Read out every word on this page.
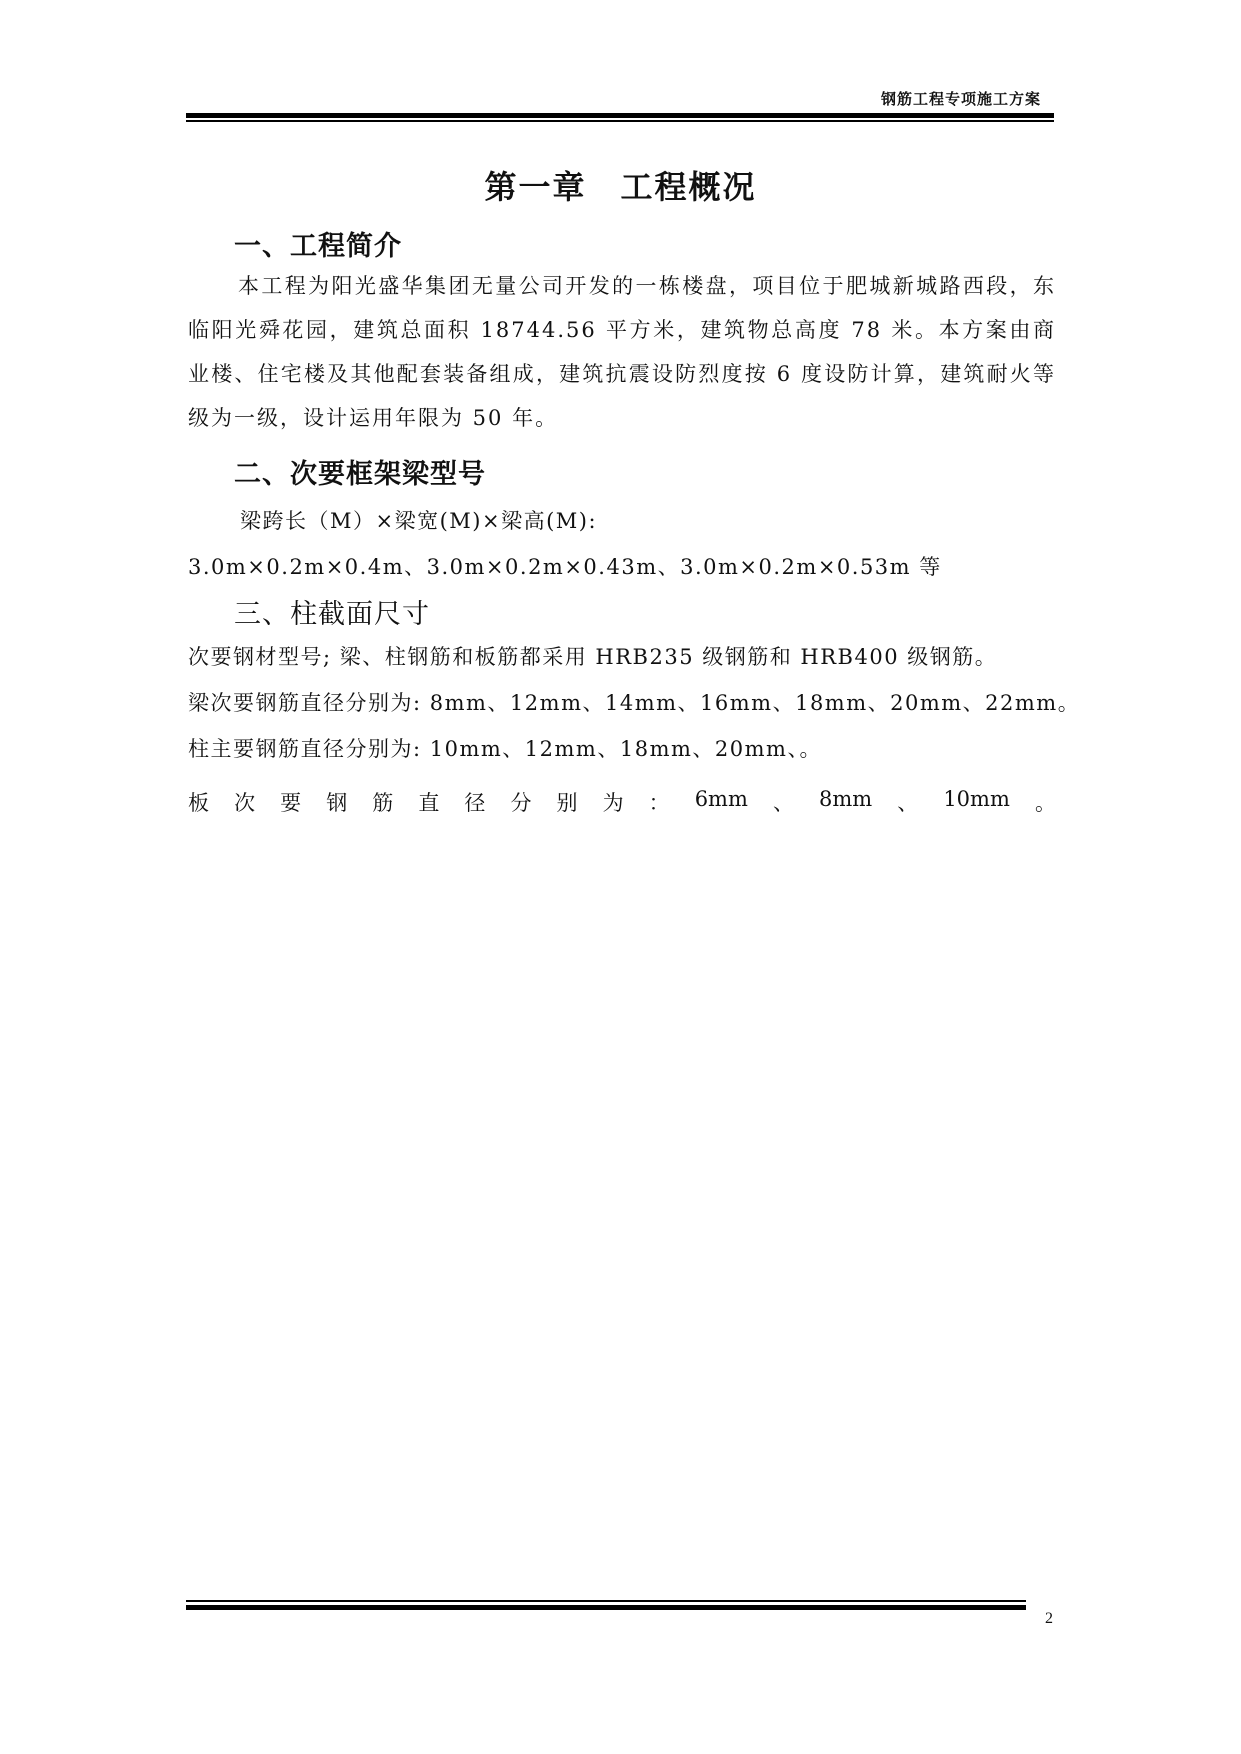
钢筋工程专项施工方案
第一章　工程概况
一、工程简介
本工程为阳光盛华集团无量公司开发的一栋楼盘，项目位于肥城新城路西段，东临阳光舜花园，建筑总面积 18744.56 平方米，建筑物总高度 78 米。本方案由商业楼、住宅楼及其他配套装备组成，建筑抗震设防烈度按 6 度设防计算，建筑耐火等级为一级，设计运用年限为 50 年。
二、次要框架梁型号
梁跨长（M）×梁宽(M)×梁高(M):
3.0m×0.2m×0.4m、3.0m×0.2m×0.43m、3.0m×0.2m×0.53m 等
三、柱截面尺寸
次要钢材型号; 梁、柱钢筋和板筋都采用 HRB235 级钢筋和 HRB400 级钢筋。
梁次要钢筋直径分别为: 8mm、12mm、14mm、16mm、18mm、20mm、22mm。
柱主要钢筋直径分别为: 10mm、12mm、18mm、20mm、。
板 次 要 钢 筋 直 径 分 别 为 ： 6mm 、 8mm 、 10mm 。
2
